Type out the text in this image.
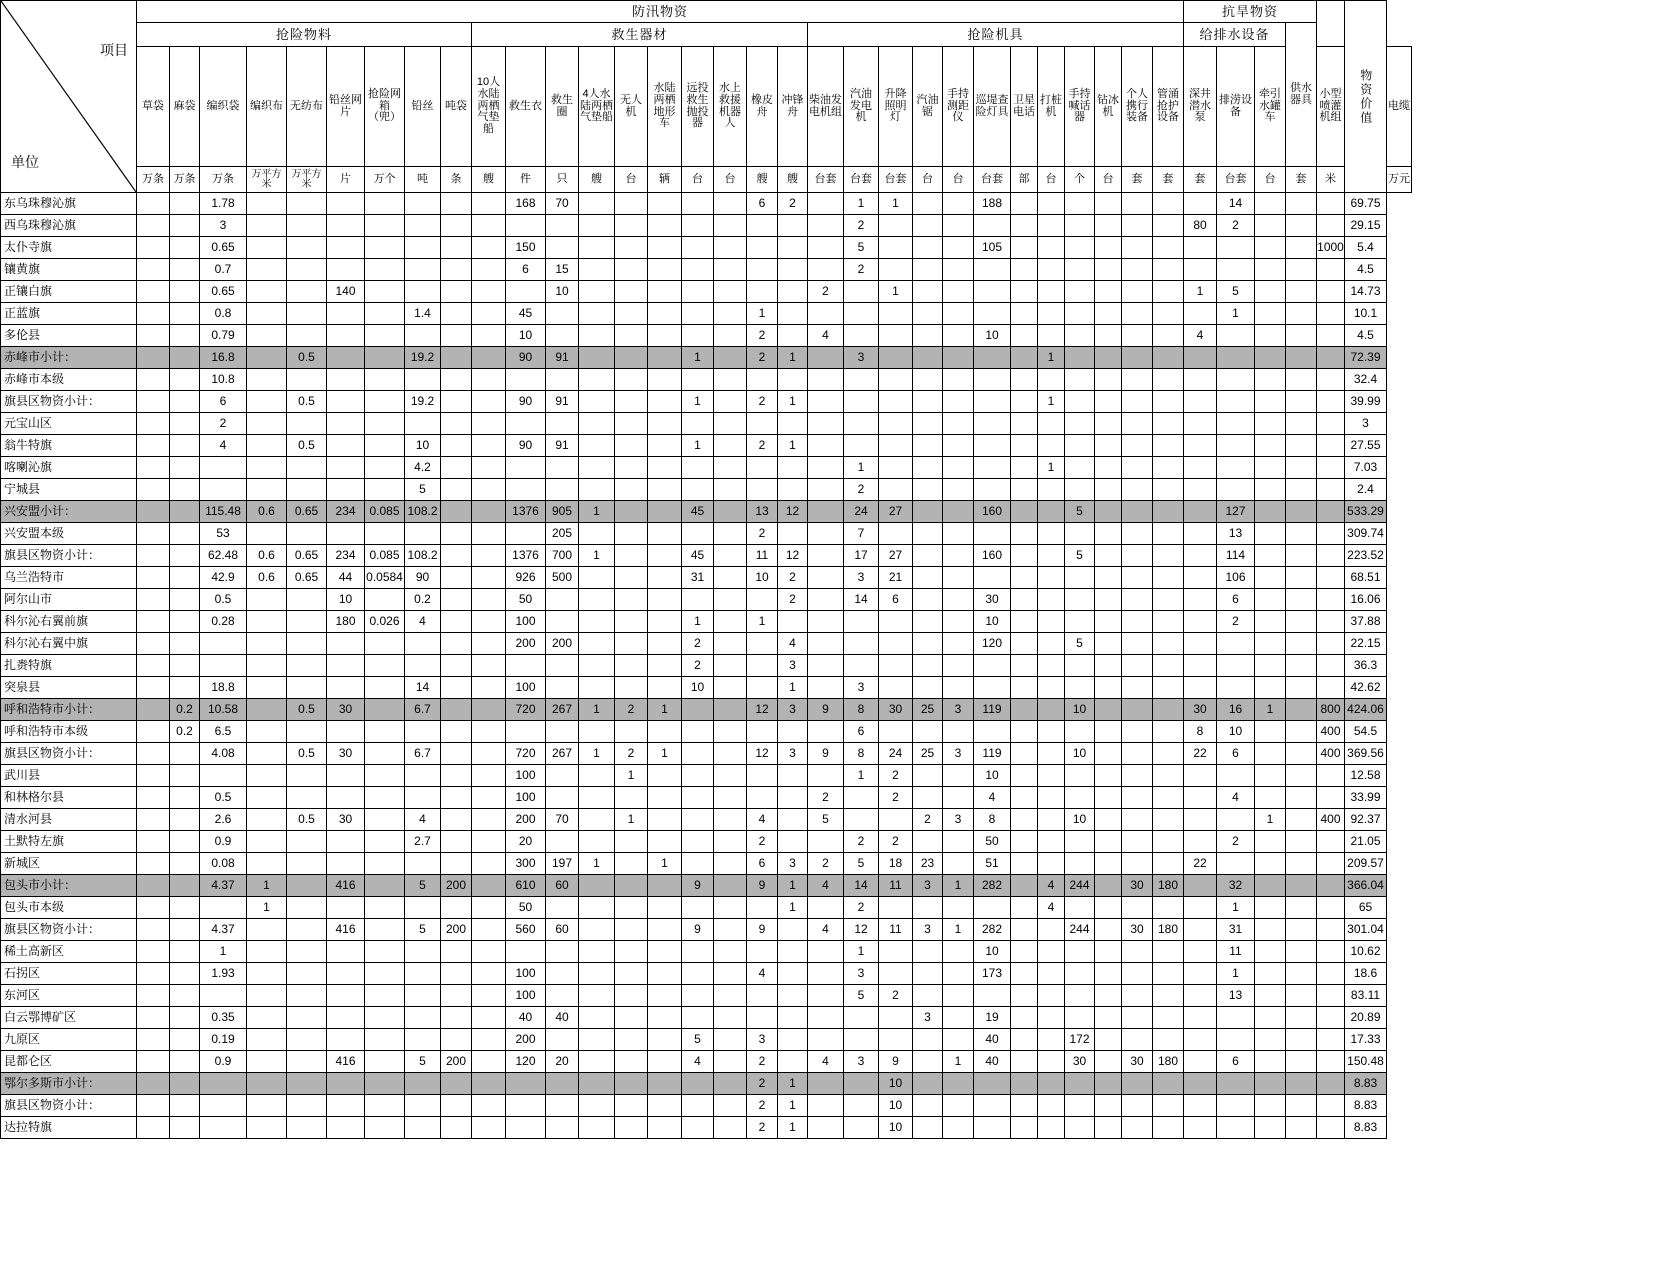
项目
单位	防汛物资																															抗旱物资					物资价值	
	抢险物料									救生器材										抢险机具												给排水设备			供水器具			
	草袋	麻袋	编织袋	编织布	无纺布	铅丝网片	抢险网箱（兜）	铅丝	吨袋	10人水陆两栖气垫船	救生衣	救生圈	4人水陆两栖气垫船	无人机	水陆两栖地形车	远投救生抛投器	水上救援机器人	橡皮舟	冲锋舟	柴油发电机组	汽油发电机	升降照明灯	汽油锯	手持测距仪	巡堤查险灯具	卫星电话	打桩机	手持喊话器	钻冰机	个人携行装备	管涌抢护设备	深井潜水泵	排涝设备	牵引水罐车		小型喷灌机组		电缆
	万条	万条	万条	万平方米	万平方米	片	万个	吨	条	艘	件	只	艘	台	辆	台	台	艘	艘	台套	台套	台套	台	台	台套	部	台	个	台	套	套	套	台套	台	套	米		万元
东乌珠穆沁旗			1.78								168	70						6	2		1	1			188								14				69.75	
西乌珠穆沁旗			3																		2											80	2				29.15	
太仆寺旗			0.65								150										5				105											1000	5.4	
镶黄旗			0.7								6	15									2																4.5	
正镶白旗			0.65			140						10								2		1										1	5				14.73	
正蓝旗			0.8					1.4			45							1															1				10.1	
多伦县			0.79								10							2		4					10							4					4.5	
赤峰市小计：			16.8		0.5			19.2			90	91				1		2	1		3						1										72.39	
赤峰市本级			10.8																																		32.4	
旗县区物资小计：			6		0.5			19.2			90	91				1		2	1								1										39.99	
元宝山区			2																																		3	
翁牛特旗			4		0.5			10			90	91				1		2	1																		27.55	
喀喇沁旗								4.2													1						1										7.03	
宁城县								5													2																2.4	
兴安盟小计：			115.48	0.6	0.65	234	0.085	108.2			1376	905	1			45		13	12		24	27			160			5					127				533.29	
兴安盟本级			53									205						2			7												13				309.74	
旗县区物资小计：			62.48	0.6	0.65	234	0.085	108.2			1376	700	1			45		11	12		17	27			160			5					114				223.52	
乌兰浩特市			42.9	0.6	0.65	44	0.0584	90			926	500				31		10	2		3	21											106				68.51	
阿尔山市			0.5			10		0.2			50								2		14	6			30								6				16.06	
科尔沁右翼前旗			0.28			180	0.026	4			100					1		1							10								2				37.88	
科尔沁右翼中旗											200	200				2			4						120			5									22.15	
扎赉特旗																2			3																		36.3	
突泉县			18.8					14			100					10			1		3																42.62	
呼和浩特市小计：		0.2	10.58		0.5	30		6.7			720	267	1	2	1			12	3	9	8	30	25	3	119			10				30	16	1		800	424.06	
呼和浩特市本级		0.2	6.5																		6											8	10			400	54.5	
旗县区物资小计：			4.08		0.5	30		6.7			720	267	1	2	1			12	3	9	8	24	25	3	119			10				22	6			400	369.56	
武川县											100			1							1	2			10												12.58	
和林格尔县			0.5								100									2		2			4								4				33.99	
清水河县			2.6		0.5	30		4			200	70		1				4		5			2	3	8			10						1		400	92.37	
土默特左旗			0.9					2.7			20							2			2	2			50								2				21.05	
新城区			0.08								300	197	1		1			6	3	2	5	18	23		51							22					209.57	
包头市小计：			4.37	1		416		5	200		610	60				9		9	1	4	14	11	3	1	282		4	244		30	180		32				366.04	
包头市本级				1							50								1		2						4						1				65	
旗县区物资小计：			4.37			416		5	200		560	60				9		9		4	12	11	3	1	282			244		30	180		31				301.04	
稀土高新区			1																		1				10								11				10.62	
石拐区			1.93								100							4			3				173								1				18.6	
东河区											100										5	2											13				83.11	
白云鄂博矿区			0.35								40	40											3		19												20.89	
九原区			0.19								200					5		3							40			172									17.33	
昆都仑区			0.9			416		5	200		120	20				4		2		4	3	9		1	40			30		30	180		6				150.48	
鄂尔多斯市小计：																		2	1			10															8.83	
旗县区物资小计：																		2	1			10															8.83	
达拉特旗																		2	1			10															8.83	
